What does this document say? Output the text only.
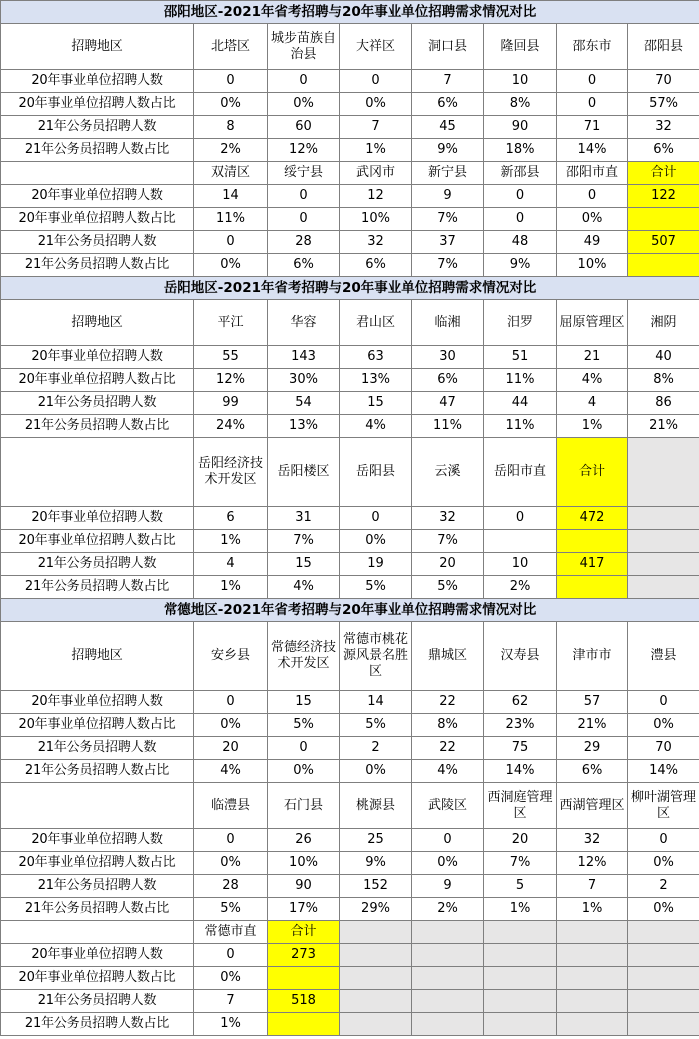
邵阳地区-2021年省考招聘与20年事业单位招聘需求情况对比							
招聘地区	北塔区	城步苗族自治县	大祥区	洞口县	隆回县	邵东市	邵阳县
20年事业单位招聘人数	0	0	0	7	10	0	70
20年事业单位招聘人数占比	0%	0%	0%	6%	8%	0	57%
21年公务员招聘人数	8	60	7	45	90	71	32
21年公务员招聘人数占比	2%	12%	1%	9%	18%	14%	6%
	双清区	绥宁县	武冈市	新宁县	新邵县	邵阳市直	合计
20年事业单位招聘人数	14	0	12	9	0	0	122
20年事业单位招聘人数占比	11%	0	10%	7%	0	0%	
21年公务员招聘人数	0	28	32	37	48	49	507
21年公务员招聘人数占比	0%	6%	6%	7%	9%	10%	
岳阳地区-2021年省考招聘与20年事业单位招聘需求情况对比							
招聘地区	平江	华容	君山区	临湘	汨罗	屈原管理区	湘阴
20年事业单位招聘人数	55	143	63	30	51	21	40
20年事业单位招聘人数占比	12%	30%	13%	6%	11%	4%	8%
21年公务员招聘人数	99	54	15	47	44	4	86
21年公务员招聘人数占比	24%	13%	4%	11%	11%	1%	21%
	岳阳经济技术开发区	岳阳楼区	岳阳县	云溪	岳阳市直	合计	
20年事业单位招聘人数	6	31	0	32	0	472	
20年事业单位招聘人数占比	1%	7%	0%	7%			
21年公务员招聘人数	4	15	19	20	10	417	
21年公务员招聘人数占比	1%	4%	5%	5%	2%		
常德地区-2021年省考招聘与20年事业单位招聘需求情况对比							
招聘地区	安乡县	常德经济技术开发区	常德市桃花源风景名胜区	鼎城区	汉寿县	津市市	澧县
20年事业单位招聘人数	0	15	14	22	62	57	0
20年事业单位招聘人数占比	0%	5%	5%	8%	23%	21%	0%
21年公务员招聘人数	20	0	2	22	75	29	70
21年公务员招聘人数占比	4%	0%	0%	4%	14%	6%	14%
	临澧县	石门县	桃源县	武陵区	西洞庭管理区	西湖管理区	柳叶湖管理区
20年事业单位招聘人数	0	26	25	0	20	32	0
20年事业单位招聘人数占比	0%	10%	9%	0%	7%	12%	0%
21年公务员招聘人数	28	90	152	9	5	7	2
21年公务员招聘人数占比	5%	17%	29%	2%	1%	1%	0%
	常德市直	合计					
20年事业单位招聘人数	0	273					
20年事业单位招聘人数占比	0%						
21年公务员招聘人数	7	518					
21年公务员招聘人数占比	1%						
